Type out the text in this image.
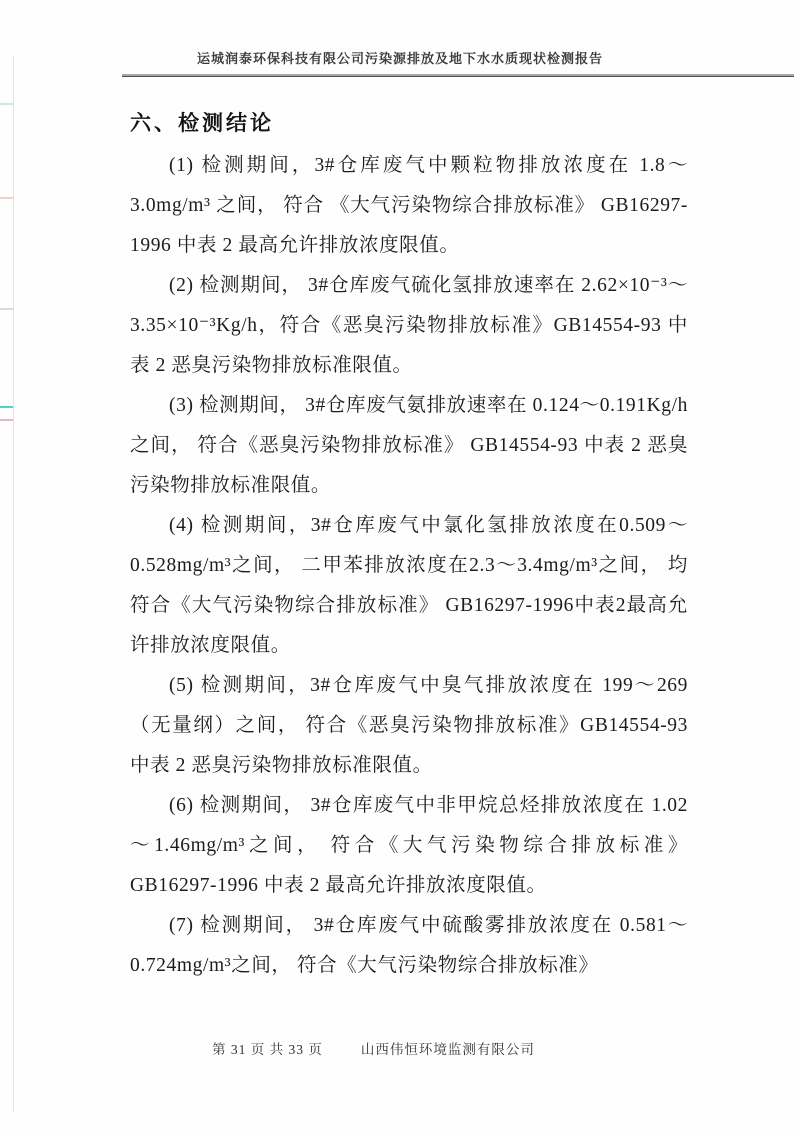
运城润泰环保科技有限公司污染源排放及地下水水质现状检测报告
六、检测结论

(1) 检测期间，3#仓库废气中颗粒物排放浓度在 1.8～3.0mg/m³ 之间， 符合 《大气污染物综合排放标准》 GB16297-1996 中表 2 最高允许排放浓度限值。

(2) 检测期间， 3#仓库废气硫化氢排放速率在 2.62×10⁻³～3.35×10⁻³Kg/h，符合《恶臭污染物排放标准》GB14554-93 中表 2 恶臭污染物排放标准限值。

(3) 检测期间， 3#仓库废气氨排放速率在 0.124～0.191Kg/h 之间， 符合《恶臭污染物排放标准》 GB14554-93 中表 2 恶臭污染物排放标准限值。

(4) 检测期间，3#仓库废气中氯化氢排放浓度在0.509～0.528mg/m³之间， 二甲苯排放浓度在2.3～3.4mg/m³之间， 均符合《大气污染物综合排放标准》 GB16297-1996中表2最高允许排放浓度限值。

(5) 检测期间，3#仓库废气中臭气排放浓度在 199～269（无量纲）之间， 符合《恶臭污染物排放标准》GB14554-93 中表 2 恶臭污染物排放标准限值。

(6) 检测期间， 3#仓库废气中非甲烷总烃排放浓度在 1.02～1.46mg/m³之间， 符合《大气污染物综合排放标准》 GB16297-1996 中表 2 最高允许排放浓度限值。

(7) 检测期间， 3#仓库废气中硫酸雾排放浓度在 0.581～0.724mg/m³之间， 符合《大气污染物综合排放标准》

第 31 页 共 33 页	山西伟恒环境监测有限公司
